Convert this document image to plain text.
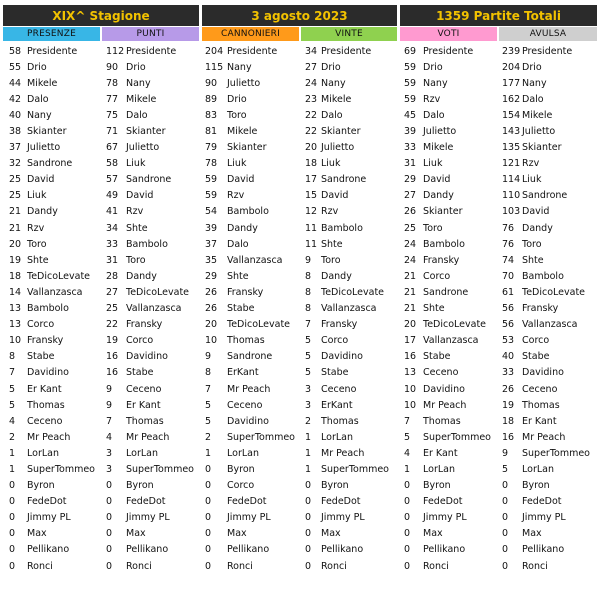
XIX^ Stagione	3 agosto 2023	1359 Partite Totali
PRESENZE	PUNTI	CANNONIERI	VINTE	VOTI	AVULSA
58 Presidente
55 Drio
44 Mikele
42 Dalo
40 Nany
38 Skianter
37 Julietto
32 Sandrone
25 David
25 Liuk
21 Dandy
21 Rzv
20 Toro
19 Shte
18 TeDicoLevate
14 Vallanzasca
13 Bambolo
13 Corco
10 Fransky
8	Stabe
7	Davidino
5	Er Kant
5	Thomas
4	Ceceno
2	Mr Peach
1	LorLan
1	SuperTommeo
0	Byron
0	FedeDot
0	Jimmy PL
0	Max
0	Pellikano
0	Ronci
112 Presidente
90 Drio
78 Nany
77 Mikele
75 Dalo
71 Skianter
67 Julietto
58 Liuk
57 Sandrone
49 David
41 Rzv
34 Shte
33 Bambolo
31 Toro
28 Dandy
27 TeDicoLevate
25 Vallanzasca
22 Fransky
19 Corco
16 Davidino
16 Stabe
9	Ceceno
9	Er Kant
7	Thomas
4	Mr Peach
3	LorLan
3	SuperTommeo
0	Byron
0	FedeDot
0	Jimmy PL
0	Max
0	Pellikano
0	Ronci
204 Presidente
115 Nany
90	Julietto
89	Drio
83	Toro
81	Mikele
79	Skianter
78	Liuk
59	David
59	Rzv
54	Bambolo
39	Dandy
37	Dalo
35	Vallanzasca
29	Shte
26	Fransky
26	Stabe
20	TeDicoLevate
10	Thomas
9	Sandrone
8	ErKant
7	Mr Peach
5	Ceceno
5	Davidino
2	SuperTommeo
1	LorLan
0	Byron
0	Corco
0	FedeDot
0	Jimmy PL
0	Max
0	Pellikano
0	Ronci
34 Presidente
27 Drio
24 Nany
23 Mikele
22 Dalo
22 Skianter
20 Julietto
18 Liuk
17 Sandrone
15 David
12 Rzv
11 Bambolo
11 Shte
9	Toro
8	Dandy
8	TeDicoLevate
8	Vallanzasca
7	Fransky
5	Corco
5	Davidino
5	Stabe
3	Ceceno
3	ErKant
2	Thomas
1	LorLan
1	Mr Peach
1	SuperTommeo
0	Byron
0	FedeDot
0	Jimmy PL
0	Max
0	Pellikano
0	Ronci
69 Presidente
59 Drio
59 Nany
59 Rzv
45 Dalo
39 Julietto
33 Mikele
31 Liuk
29 David
27 Dandy
26 Skianter
25 Toro
24 Bambolo
24 Fransky
21 Corco
21 Sandrone
21 Shte
20 TeDicoLevate
17 Vallanzasca
16 Stabe
13 Ceceno
10 Davidino
10 Mr Peach
7	Thomas
5	SuperTommeo
4	Er Kant
1	LorLan
0	Byron
0	FedeDot
0	Jimmy PL
0	Max
0	Pellikano
0	Ronci
239 Presidente
204 Drio
177 Nany
162 Dalo
154 Mikele
143 Julietto
135 Skianter
121 Rzv
114 Liuk
110 Sandrone
103 David
76 Dandy
76 Toro
74 Shte
70 Bambolo
61 TeDicoLevate
56 Fransky
56 Vallanzasca
53 Corco
40 Stabe
33 Davidino
26 Ceceno
19 Thomas
18 Er Kant
16 Mr Peach
9	SuperTommeo
5	LorLan
0	Byron
0	FedeDot
0	Jimmy PL
0	Max
0	Pellikano
0	Ronci
